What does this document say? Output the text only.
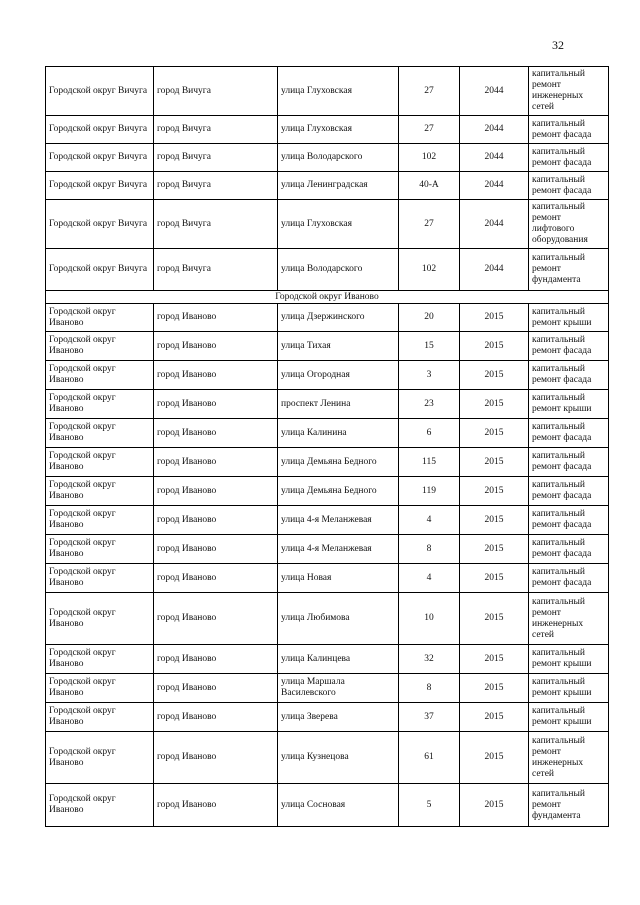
32
Городской округ Вичуга	город Вичуга	улица Глуховская	27	2044	капитальный ремонт инженерных сетей
Городской округ Вичуга	город Вичуга	улица Глуховская	27	2044	капитальный ремонт фасада
Городской округ Вичуга	город Вичуга	улица Володарского	102	2044	капитальный ремонт фасада
Городской округ Вичуга	город Вичуга	улица Ленинградская	40-А	2044	капитальный ремонт фасада
Городской округ Вичуга	город Вичуга	улица Глуховская	27	2044	капитальный ремонт лифтового оборудования
Городской округ Вичуга	город Вичуга	улица Володарского	102	2044	капитальный ремонт фундамента
Городской округ Иваново					
Городской округ Иваново	город Иваново	улица Дзержинского	20	2015	капитальный ремонт крыши
Городской округ Иваново	город Иваново	улица Тихая	15	2015	капитальный ремонт фасада
Городской округ Иваново	город Иваново	улица Огородная	3	2015	капитальный ремонт фасада
Городской округ Иваново	город Иваново	проспект Ленина	23	2015	капитальный ремонт крыши
Городской округ Иваново	город Иваново	улица Калинина	6	2015	капитальный ремонт фасада
Городской округ Иваново	город Иваново	улица Демьяна Бедного	115	2015	капитальный ремонт фасада
Городской округ Иваново	город Иваново	улица Демьяна Бедного	119	2015	капитальный ремонт фасада
Городской округ Иваново	город Иваново	улица 4-я Меланжевая	4	2015	капитальный ремонт фасада
Городской округ Иваново	город Иваново	улица 4-я Меланжевая	8	2015	капитальный ремонт фасада
Городской округ Иваново	город Иваново	улица Новая	4	2015	капитальный ремонт фасада
Городской округ Иваново	город Иваново	улица Любимова	10	2015	капитальный ремонт инженерных сетей
Городской округ Иваново	город Иваново	улица Калинцева	32	2015	капитальный ремонт крыши
Городской округ Иваново	город Иваново	улица Маршала Василевского	8	2015	капитальный ремонт крыши
Городской округ Иваново	город Иваново	улица Зверева	37	2015	капитальный ремонт крыши
Городской округ Иваново	город Иваново	улица Кузнецова	61	2015	капитальный ремонт инженерных сетей
Городской округ Иваново	город Иваново	улица Сосновая	5	2015	капитальный ремонт фундамента
